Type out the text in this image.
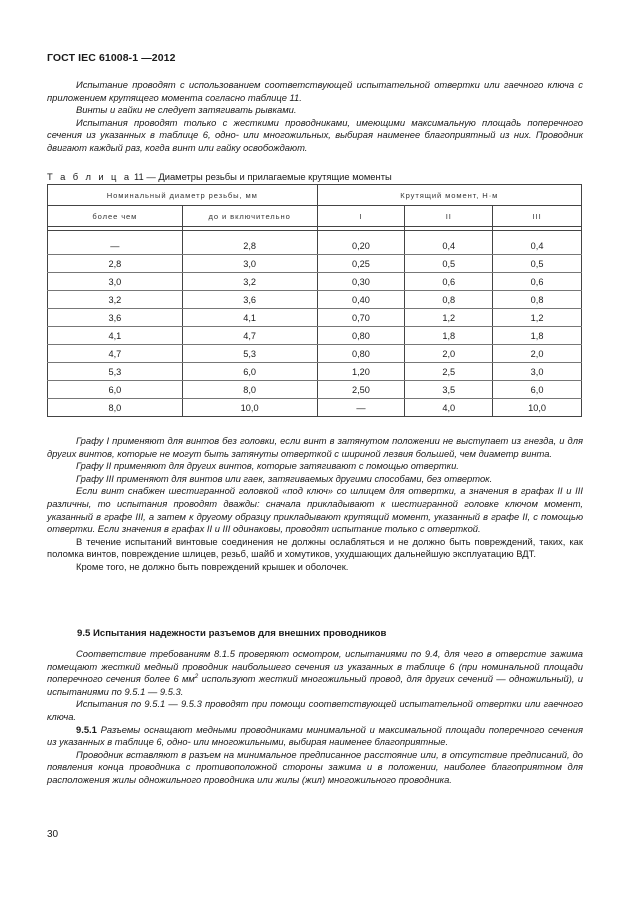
ГОСТ IEC 61008-1 —2012

Испытание проводят с использованием соответствующей испытательной отвертки или гаечного ключа с приложением крутящего момента согласно таблице 11.

Винты и гайки не следует затягивать рывками.

Испытания проводят только с жесткими проводниками, имеющими максимальную площадь поперечного сечения из указанных в таблице 6, одно- или многожильных, выбирая наименее благоприятный из них. Проводник двигают каждый раз, когда винт или гайку освобождают.

Т а б л и ц а 11 — Диаметры резьбы и прилагаемые крутящие моменты
Номинальный диаметр резьбы, мм		Крутящий момент, Н·м		
более чем	до и включительно	I	II	III

—	2,8	0,20	0,4	0,4
2,8	3,0	0,25	0,5	0,5
3,0	3,2	0,30	0,6	0,6
3,2	3,6	0,40	0,8	0,8
3,6	4,1	0,70	1,2	1,2
4,1	4,7	0,80	1,8	1,8
4,7	5,3	0,80	2,0	2,0
5,3	6,0	1,20	2,5	3,0
6,0	8,0	2,50	3,5	6,0
8,0	10,0	—	4,0	10,0

Графу I применяют для винтов без головки, если винт в затянутом положении не выступает из гнезда, и для других винтов, которые не могут быть затянуты отверткой с шириной лезвия большей, чем диаметр винта.

Графу II применяют для других винтов, которые затягивают с помощью отвертки.

Графу III применяют для винтов или гаек, затягиваемых другими способами, без отверток.

Если винт снабжен шестигранной головкой «под ключ» со шлицем для отвертки, а значения в графах II и III различны, то испытания проводят дважды: сначала прикладывают к шестигранной головке ключом момент, указанный в графе III, а затем к другому образцу прикладывают крутящий момент, указанный в графе II, с помощью отвертки. Если значения в графах II и III одинаковы, проводят испытание только с отверткой.

В течение испытаний винтовые соединения не должны ослабляться и не должно быть повреждений, таких, как поломка винтов, повреждение шлицев, резьб, шайб и хомутиков, ухудшающих дальнейшую эксплуатацию ВДТ.

Кроме того, не должно быть повреждений крышек и оболочек.

9.5 Испытания надежности разъемов для внешних проводников

Соответствие требованиям 8.1.5 проверяют осмотром, испытаниями по 9.4, для чего в отверстие зажима помещают жесткий медный проводник наибольшего сечения из указанных в таблице 6 (при номинальной площади поперечного сечения более 6 $мм^2$ используют жесткий многожильный провод, для других сечений — одножильный), и испытаниями по 9.5.1 — 9.5.3.

Испытания по 9.5.1 — 9.5.3 проводят при помощи соответствующей испытательной отвертки или гаечного ключа.

9.5.1 Разъемы оснащают медными проводниками минимальной и максимальной площади поперечного сечения из указанных в таблице 6, одно- или многожильными, выбирая наименее благоприятные.

Проводник вставляют в разъем на минимальное предписанное расстояние или, в отсутствие предписаний, до появления конца проводника с противоположной стороны зажима и в положении, наиболее благоприятном для расположения жилы одножильного проводника или жилы (жил) многожильного проводника.

30
